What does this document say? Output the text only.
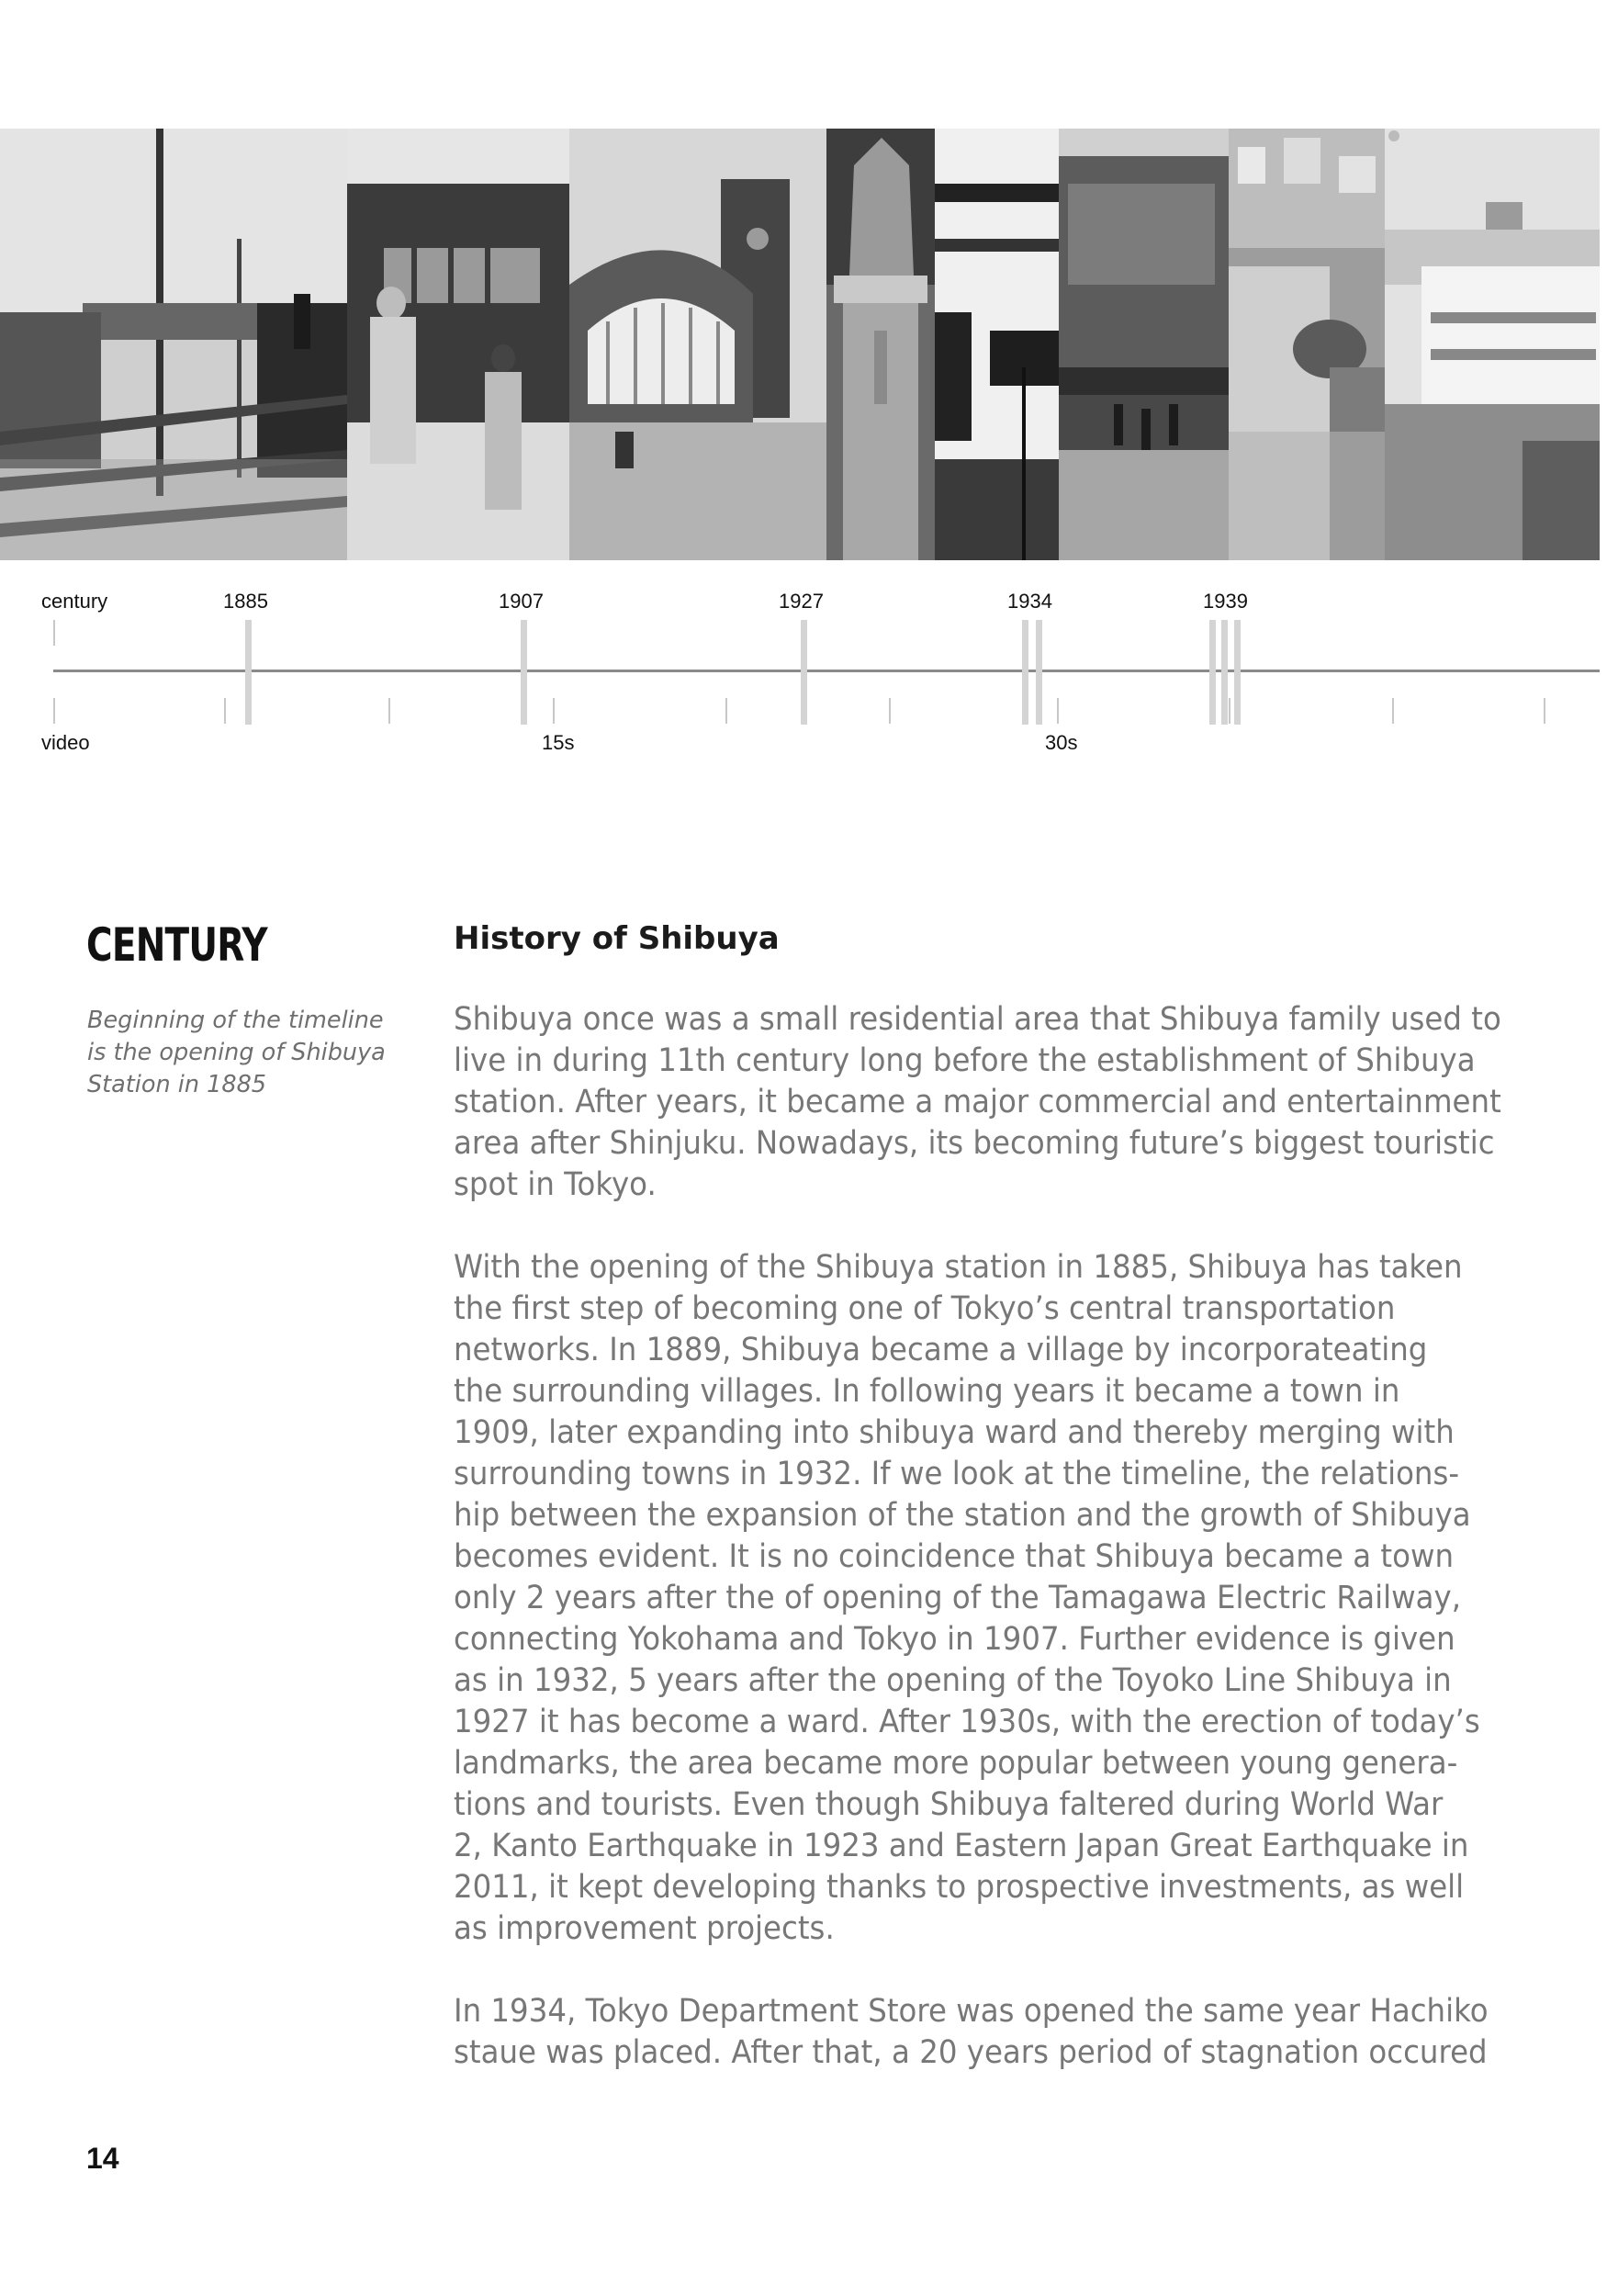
century
video
1885	1907	1927	1934	1939
15s	30s
CENTURY
Beginning of the timeline
is the opening of Shibuya
Station in 1885
History of Shibuya
Shibuya once was a small residential area that Shibuya family used to
live in during 11th century long before the establishment of Shibuya
station. After years, it became a major commercial and entertainment
area after Shinjuku. Nowadays, its becoming future’s biggest touristic
spot in Tokyo.
With the opening of the Shibuya station in 1885, Shibuya has taken
the first step of becoming one of Tokyo’s central transportation
networks. In 1889, Shibuya became a village by incorporateating
the surrounding villages. In following years it became a town in
1909, later expanding into shibuya ward and thereby merging with
surrounding towns in 1932. If we look at the timeline, the relations-
hip between the expansion of the station and the growth of Shibuya
becomes evident. It is no coincidence that Shibuya became a town
only 2 years after the of opening of the Tamagawa Electric Railway,
connecting Yokohama and Tokyo in 1907. Further evidence is given
as in 1932, 5 years after the opening of the Toyoko Line Shibuya in
1927 it has become a ward. After 1930s, with the erection of today’s
landmarks, the area became more popular between young genera-
tions and tourists. Even though Shibuya faltered during World War
2, Kanto Earthquake in 1923 and Eastern Japan Great Earthquake in
2011, it kept developing thanks to prospective investments, as well
as improvement projects.
In 1934, Tokyo Department Store was opened the same year Hachiko
staue was placed. After that, a 20 years period of stagnation occured
14
